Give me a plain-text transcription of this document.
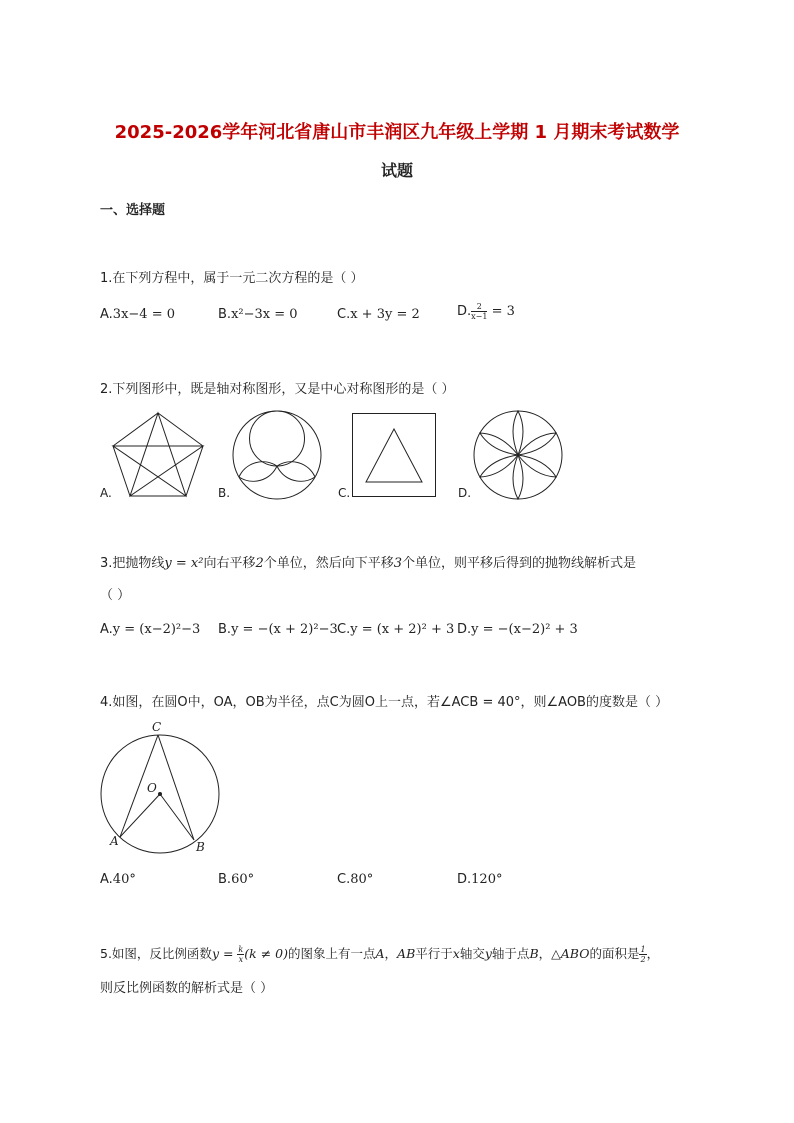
2025-2026学年河北省唐山市丰润区九年级上学期 1 月期末考试数学
试题
一、选择题
1.在下列方程中，属于一元二次方程的是（ ）
A.3x−4 = 0	B.x²−3x = 0	C.x + 3y = 2	D. $\frac{2}{x-1} = 3$
2.下列图形中，既是轴对称图形，又是中心对称图形的是（ ）
A.	B.	C.	D.
3.把抛物线y = x²向右平移2个单位，然后向下平移3个单位，则平移后得到的抛物线解析式是
（ ）
A.y = (x−2)²−3 B.y = −(x + 2)²−3 C.y = (x + 2)² + 3 D.y = −(x−2)² + 3
4.如图，在圆O中，OA，OB为半径，点C为圆O上一点，若∠ACB = 40°，则∠AOB的度数是（ ）
C
O
A	B
A.40°	B.60°	C.80°	D.120°
5.如图，反比例函数$y = \frac{k}{x} (k \ne 0)$的图象上有一点A，AB平行于x轴交y轴于点B，△ABO的面积是 $\frac{1}{2}$ ，
则反比例函数的解析式是（ ）
